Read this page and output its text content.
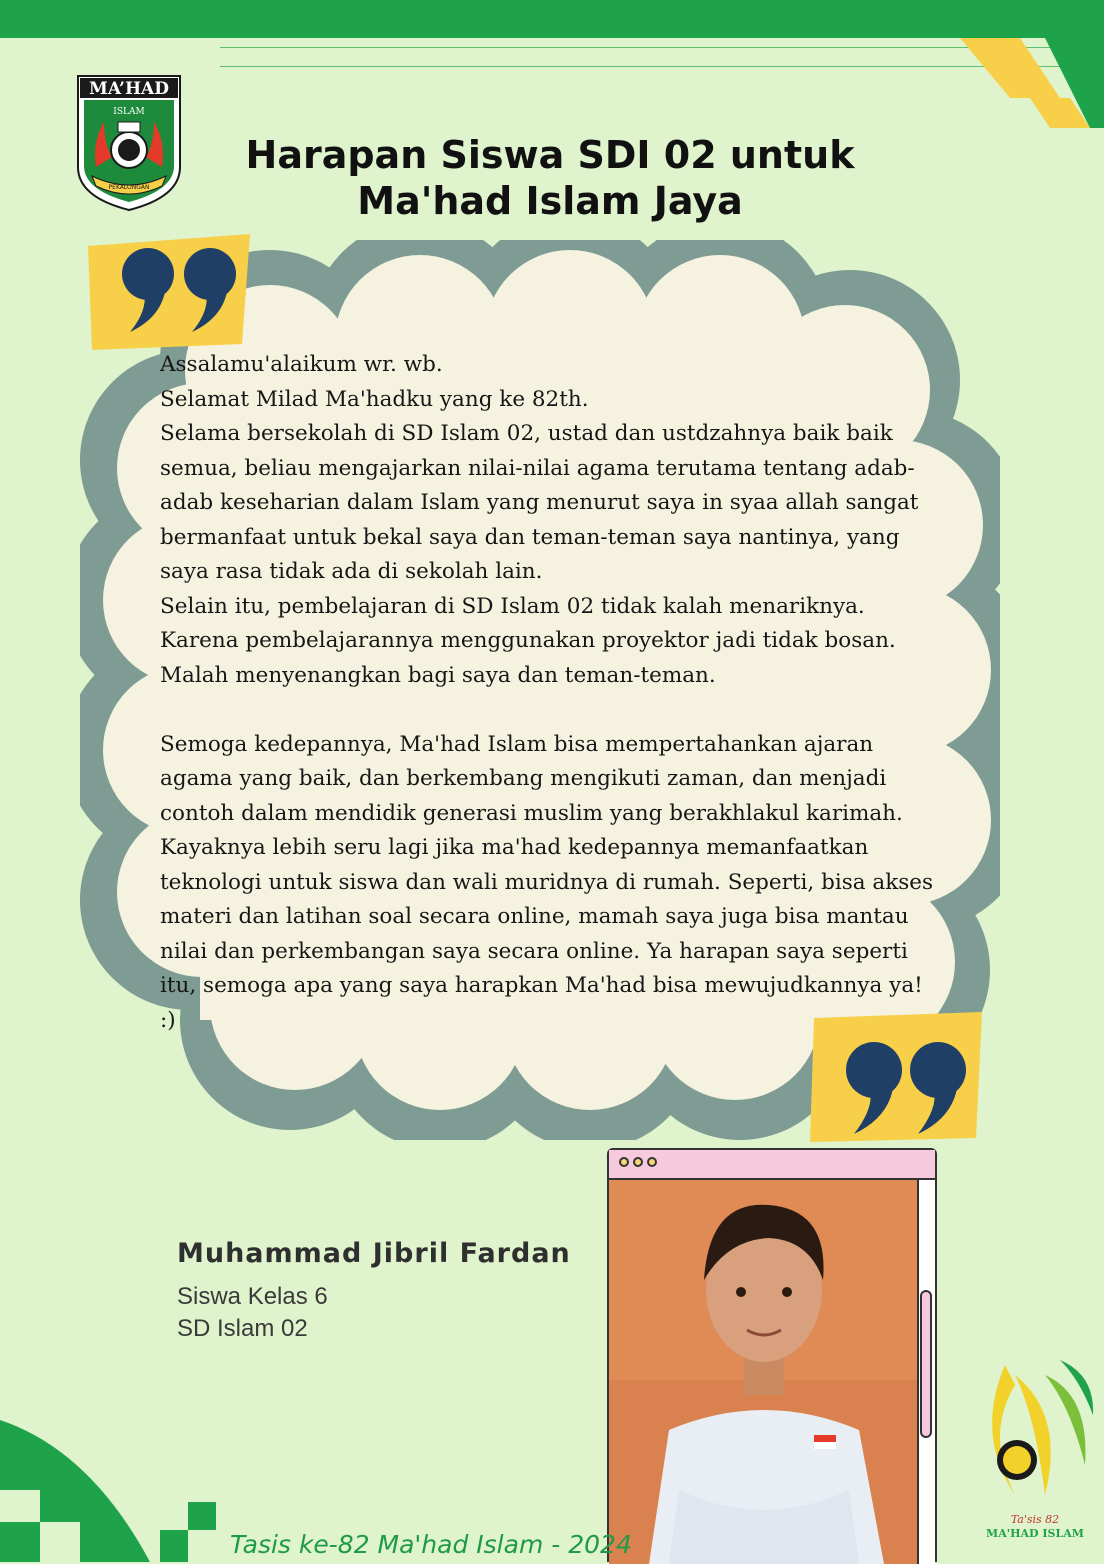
MA’HAD
ISLAM
PEKALONGAN
Harapan Siswa SDI 02 untuk
Ma'had Islam Jaya
Assalamu'alaikum wr. wb.
Selamat Milad Ma'hadku yang ke 82th.
Selama bersekolah di SD Islam 02, ustad dan ustdzahnya baik baik semua, beliau mengajarkan nilai-nilai agama terutama tentang adab-adab keseharian dalam Islam yang menurut saya in syaa allah sangat bermanfaat untuk bekal saya dan teman-teman saya nantinya, yang saya rasa tidak ada di sekolah lain.
Selain itu, pembelajaran di SD Islam 02 tidak kalah menariknya. Karena pembelajarannya menggunakan proyektor jadi tidak bosan. Malah menyenangkan bagi saya dan teman-teman.

Semoga kedepannya, Ma'had Islam bisa mempertahankan ajaran agama yang baik, dan berkembang mengikuti zaman, dan menjadi contoh dalam mendidik generasi muslim yang berakhlakul karimah.
Kayaknya lebih seru lagi jika ma'had kedepannya memanfaatkan teknologi untuk siswa dan wali muridnya di rumah. Seperti, bisa akses materi dan latihan soal secara online, mamah saya juga bisa mantau nilai dan perkembangan saya secara online. Ya harapan saya seperti itu, semoga apa yang saya harapkan Ma'had bisa mewujudkannya ya! :)
Muhammad Jibril Fardan
Siswa Kelas 6
SD Islam 02
Ta'sis 82
MA'HAD ISLAM
Tasis ke-82 Ma'had Islam - 2024
